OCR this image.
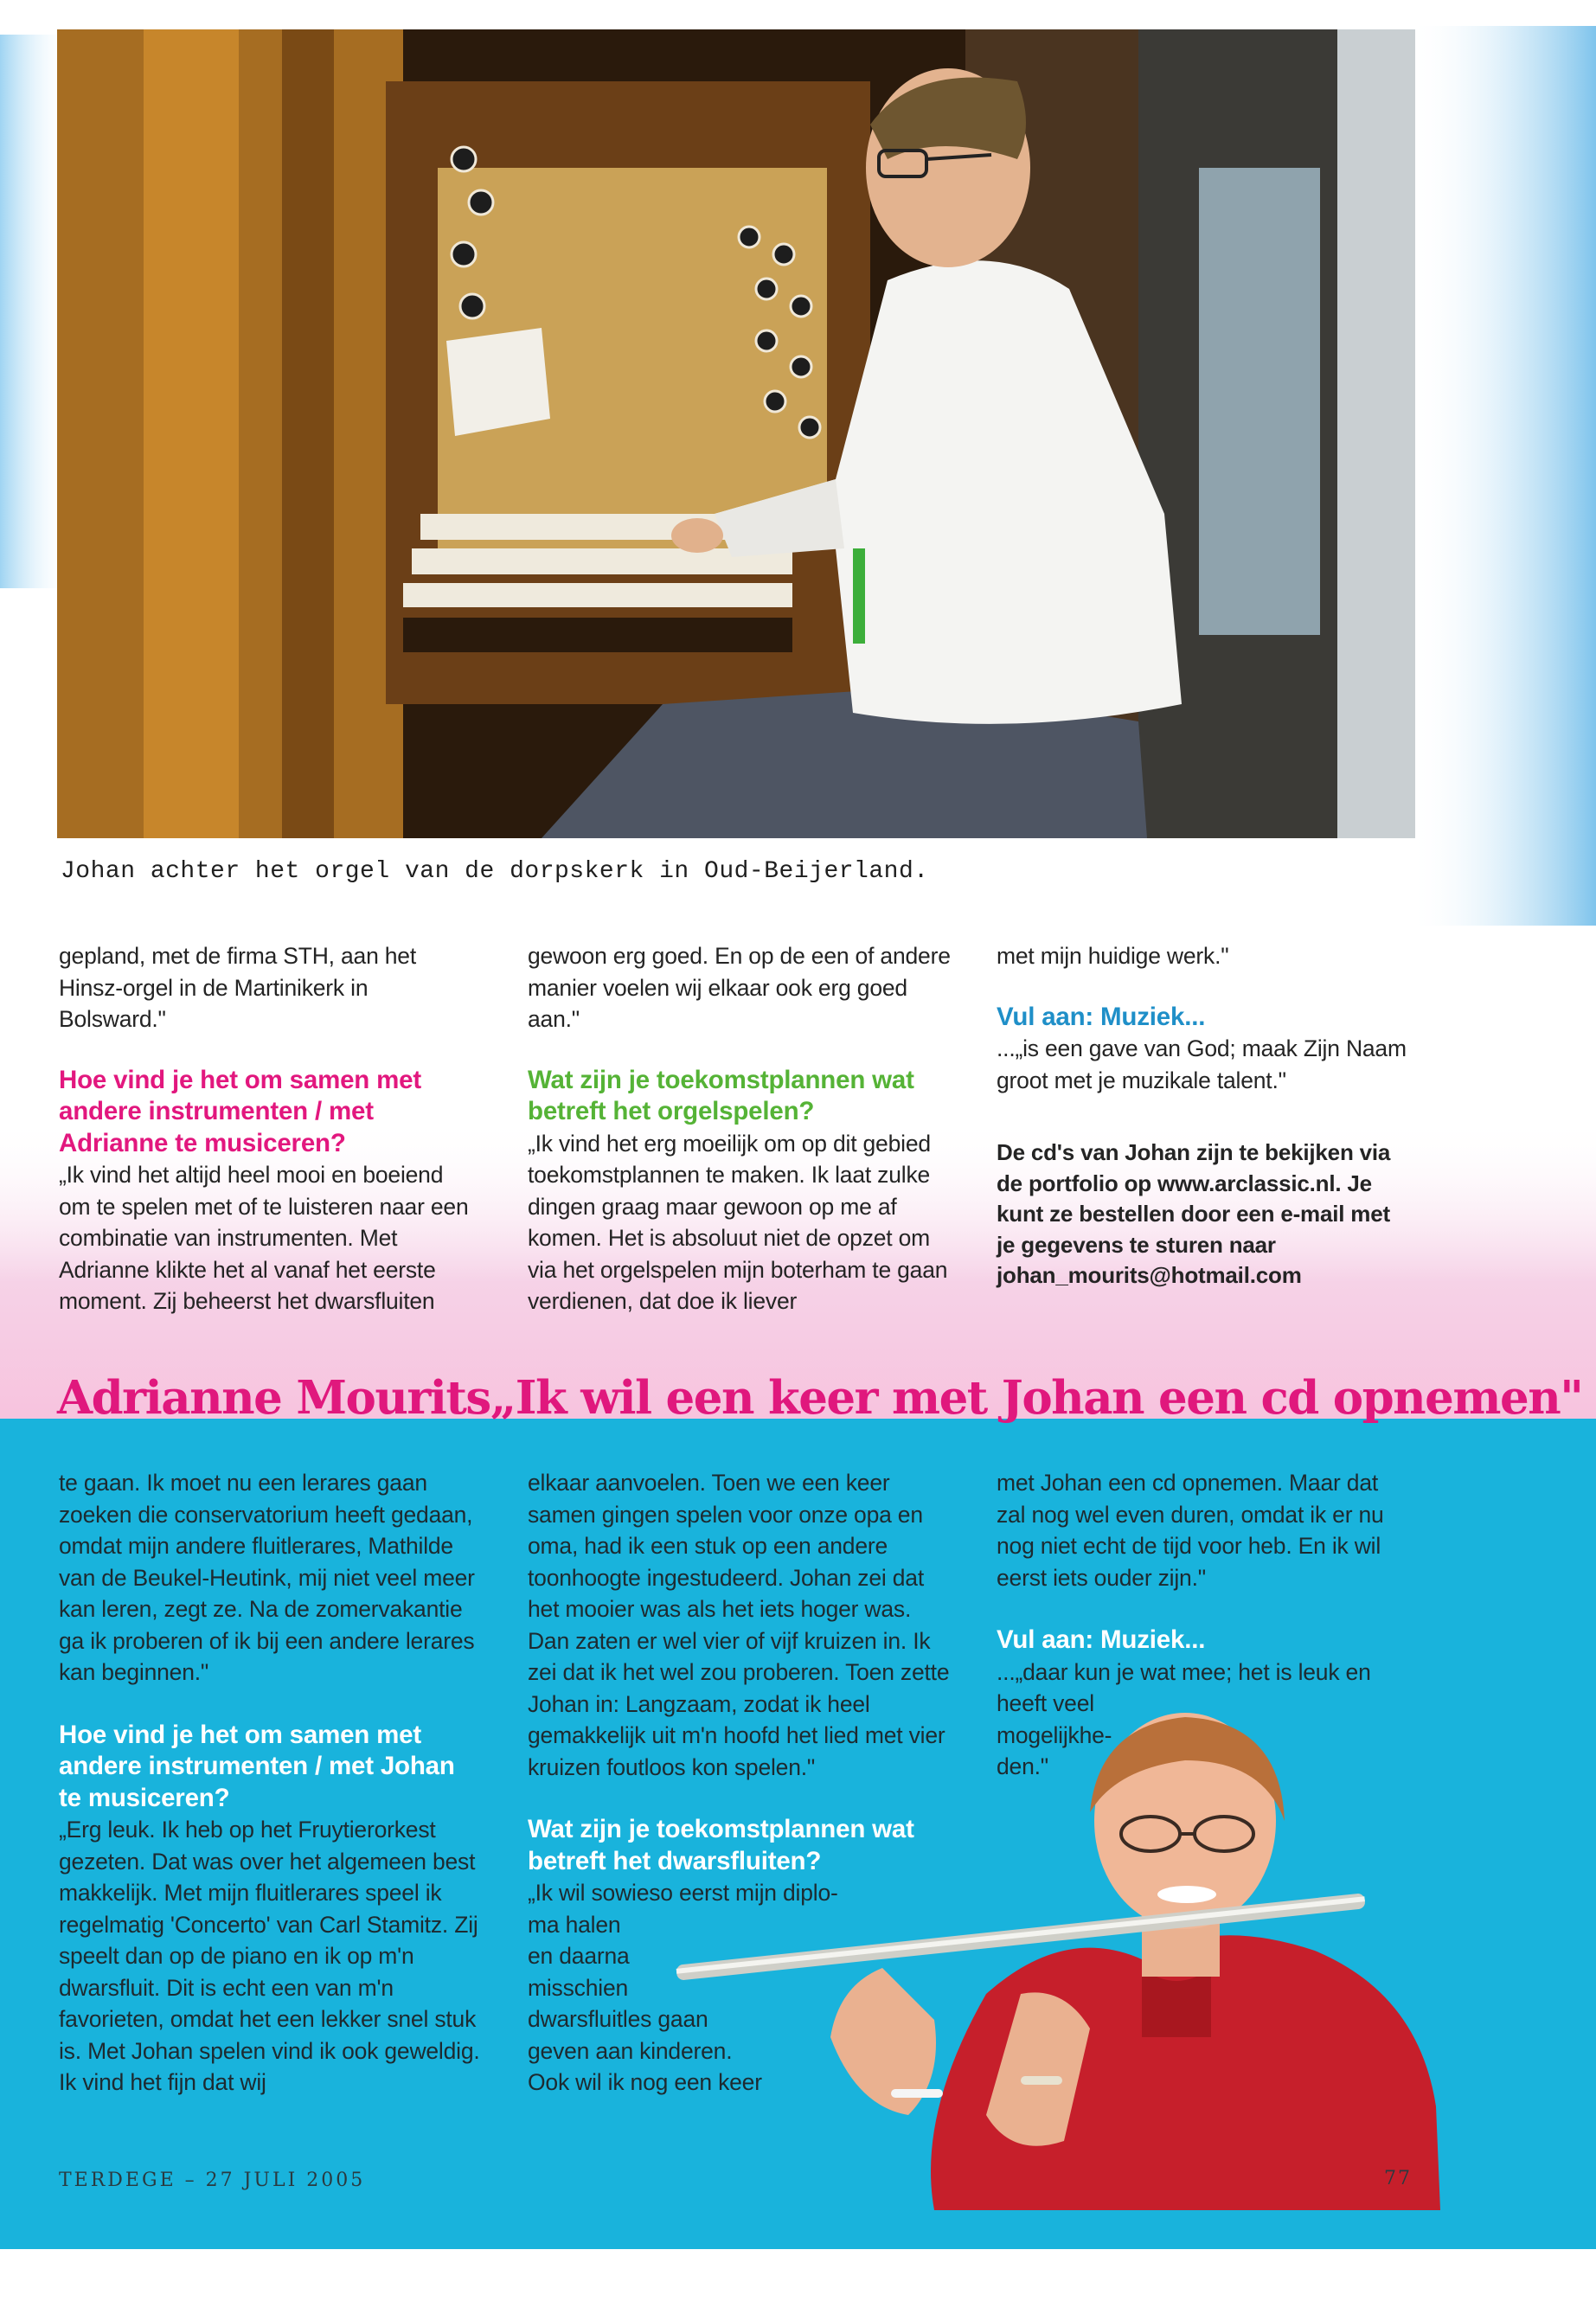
Johan achter het orgel van de dorpskerk in Oud-Beijerland.

gepland, met de firma STH, aan het Hinsz-orgel in de Martinikerk in Bolsward."

Hoe vind je het om samen met andere instrumenten / met Adrianne te musiceren?

„Ik vind het altijd heel mooi en boeiend om te spelen met of te luisteren naar een combinatie van instrumenten. Met Adrianne klikte het al vanaf het eerste moment. Zij beheerst het dwarsfluiten

gewoon erg goed. En op de een of andere manier voelen wij elkaar ook erg goed aan."

Wat zijn je toekomstplannen wat betreft het orgelspelen?

„Ik vind het erg moeilijk om op dit gebied toekomstplannen te maken. Ik laat zulke dingen graag maar gewoon op me af komen. Het is absoluut niet de opzet om via het orgelspelen mijn boterham te gaan verdienen, dat doe ik liever

met mijn huidige werk."

Vul aan: Muziek...

...„is een gave van God; maak Zijn Naam groot met je muzikale talent."

De cd's van Johan zijn te bekijken via de portfolio op www.arclassic.nl. Je kunt ze bestellen door een e-mail met je gegevens te sturen naar johan_mourits@hotmail.com

Adrianne Mourits„Ik wil een keer met Johan een cd opnemen"

te gaan. Ik moet nu een lerares gaan zoeken die conservatorium heeft gedaan, omdat mijn andere fluitlerares, Mathilde van de Beukel-Heutink, mij niet veel meer kan leren, zegt ze. Na de zomervakantie ga ik proberen of ik bij een andere lerares kan beginnen."

Hoe vind je het om samen met andere instrumenten / met Johan te musiceren?

„Erg leuk. Ik heb op het Fruytierorkest gezeten. Dat was over het algemeen best makkelijk. Met mijn fluitlerares speel ik regelmatig 'Concerto' van Carl Stamitz. Zij speelt dan op de piano en ik op m'n dwarsfluit. Dit is echt een van m'n favorieten, omdat het een lekker snel stuk is. Met Johan spelen vind ik ook geweldig. Ik vind het fijn dat wij

elkaar aanvoelen. Toen we een keer samen gingen spelen voor onze opa en oma, had ik een stuk op een andere toonhoogte ingestudeerd. Johan zei dat het mooier was als het iets hoger was. Dan zaten er wel vier of vijf kruizen in. Ik zei dat ik het wel zou proberen. Toen zette Johan in: Langzaam, zodat ik heel gemakkelijk uit m'n hoofd het lied met vier kruizen foutloos kon spelen."

Wat zijn je toekomstplannen wat betreft het dwarsfluiten?

„Ik wil sowieso eerst mijn diplo-

ma halen

en daarna

misschien

dwarsfluitles gaan

geven aan kinderen.

Ook wil ik nog een keer

met Johan een cd opnemen. Maar dat zal nog wel even duren, omdat ik er nu nog niet echt de tijd voor heb. En ik wil eerst iets ouder zijn."

Vul aan: Muziek...

...„daar kun je wat mee; het is leuk en

heeft veel

mogelijkhe-

den."

TERDEGE – 27 JULI 2005	77
